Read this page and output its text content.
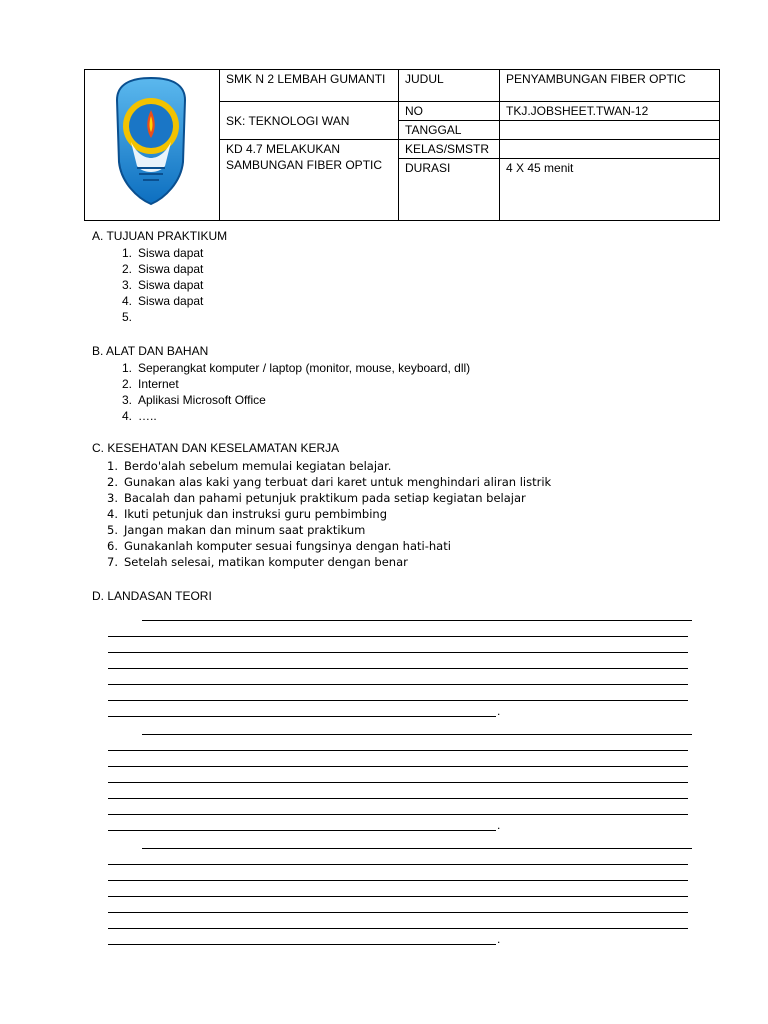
	SMK N 2 LEMBAH GUMANTI	JUDUL	PENYAMBUNGAN FIBER OPTIC
	SK: TEKNOLOGI WAN	NO	TKJ.JOBSHEET.TWAN-12
		TANGGAL	
	KD 4.7 MELAKUKAN SAMBUNGAN FIBER OPTIC	KELAS/SMSTR	
		DURASI	4 X 45 menit
A. TUJUAN PRAKTIKUM
1. Siswa dapat
2. Siswa dapat
3. Siswa dapat
4. Siswa dapat
5.
B. ALAT DAN BAHAN
1. Seperangkat komputer / laptop (monitor, mouse, keyboard, dll)
2. Internet
3. Aplikasi Microsoft Office
4. …..
C. KESEHATAN DAN KESELAMATAN KERJA
1. Berdo'alah sebelum memulai kegiatan belajar.
2. Gunakan alas kaki yang terbuat dari karet untuk menghindari aliran listrik
3. Bacalah dan pahami petunjuk praktikum pada setiap kegiatan belajar
4. Ikuti petunjuk dan instruksi guru pembimbing
5. Jangan makan dan minum saat praktikum
6. Gunakanlah komputer sesuai fungsinya dengan hati-hati
7. Setelah selesai, matikan komputer dengan benar
D. LANDASAN TEORI
.
.
.
